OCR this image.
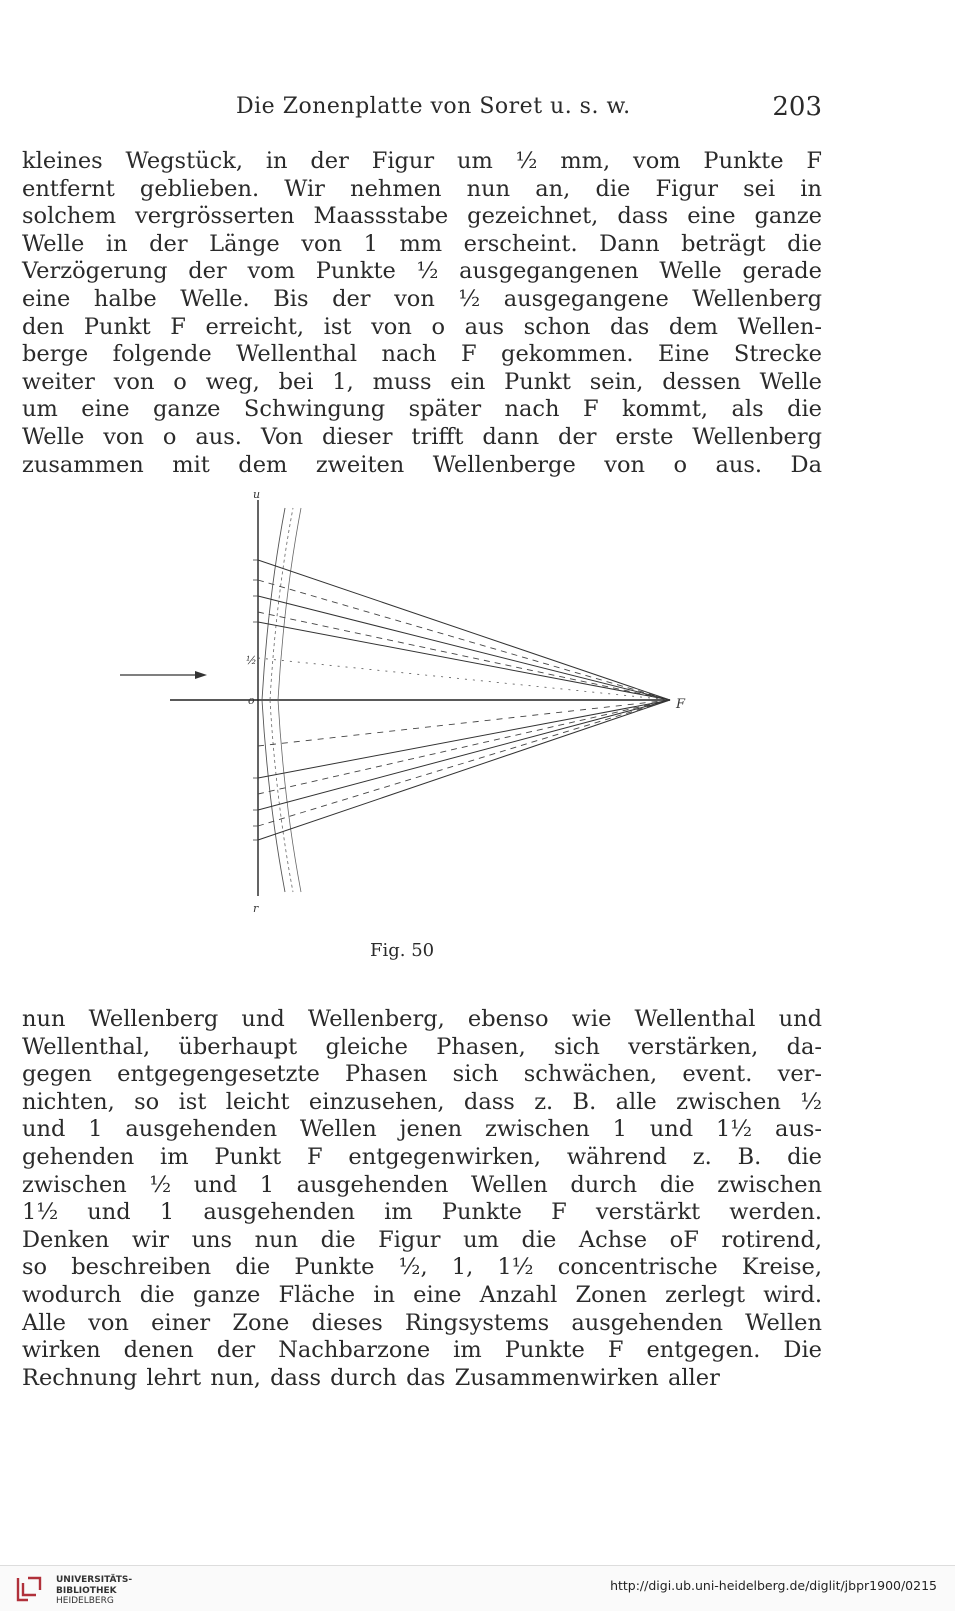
Die Zonenplatte von Soret u. s. w.	203

kleines Wegstück, in der Figur um ½ mm, vom Punkte F

entfernt geblieben. Wir nehmen nun an, die Figur sei in

solchem vergrösserten Maassstabe gezeichnet, dass eine ganze

Welle in der Länge von 1 mm erscheint. Dann beträgt die

Verzögerung der vom Punkte ½ ausgegangenen Welle gerade

eine halbe Welle. Bis der von ½ ausgegangene Wellenberg

den Punkt F erreicht, ist von o aus schon das dem Wellen-

berge folgende Wellenthal nach F gekommen. Eine Strecke

weiter von o weg, bei 1, muss ein Punkt sein, dessen Welle

um eine ganze Schwingung später nach F kommt, als die

Welle von o aus. Von dieser trifft dann der erste Wellenberg

zusammen mit dem zweiten Wellenberge von o aus. Da

u
½
o	F
r
Fig. 50

nun Wellenberg und Wellenberg, ebenso wie Wellenthal und

Wellenthal, überhaupt gleiche Phasen, sich verstärken, da-

gegen entgegengesetzte Phasen sich schwächen, event. ver-

nichten, so ist leicht einzusehen, dass z. B. alle zwischen ½

und 1 ausgehenden Wellen jenen zwischen 1 und 1½ aus-

gehenden im Punkt F entgegenwirken, während z. B. die

zwischen ½ und 1 ausgehenden Wellen durch die zwischen

1½ und 1 ausgehenden im Punkte F verstärkt werden.

Denken wir uns nun die Figur um die Achse oF rotirend,

so beschreiben die Punkte ½, 1, 1½ concentrische Kreise,

wodurch die ganze Fläche in eine Anzahl Zonen zerlegt wird.

Alle von einer Zone dieses Ringsystems ausgehenden Wellen

wirken denen der Nachbarzone im Punkte F entgegen. Die

Rechnung lehrt nun, dass durch das Zusammenwirken aller

UNIVERSITÄTS-
BIBLIOTHEK
HEIDELBERG
http://digi.ub.uni-heidelberg.de/diglit/jbpr1900/0215
